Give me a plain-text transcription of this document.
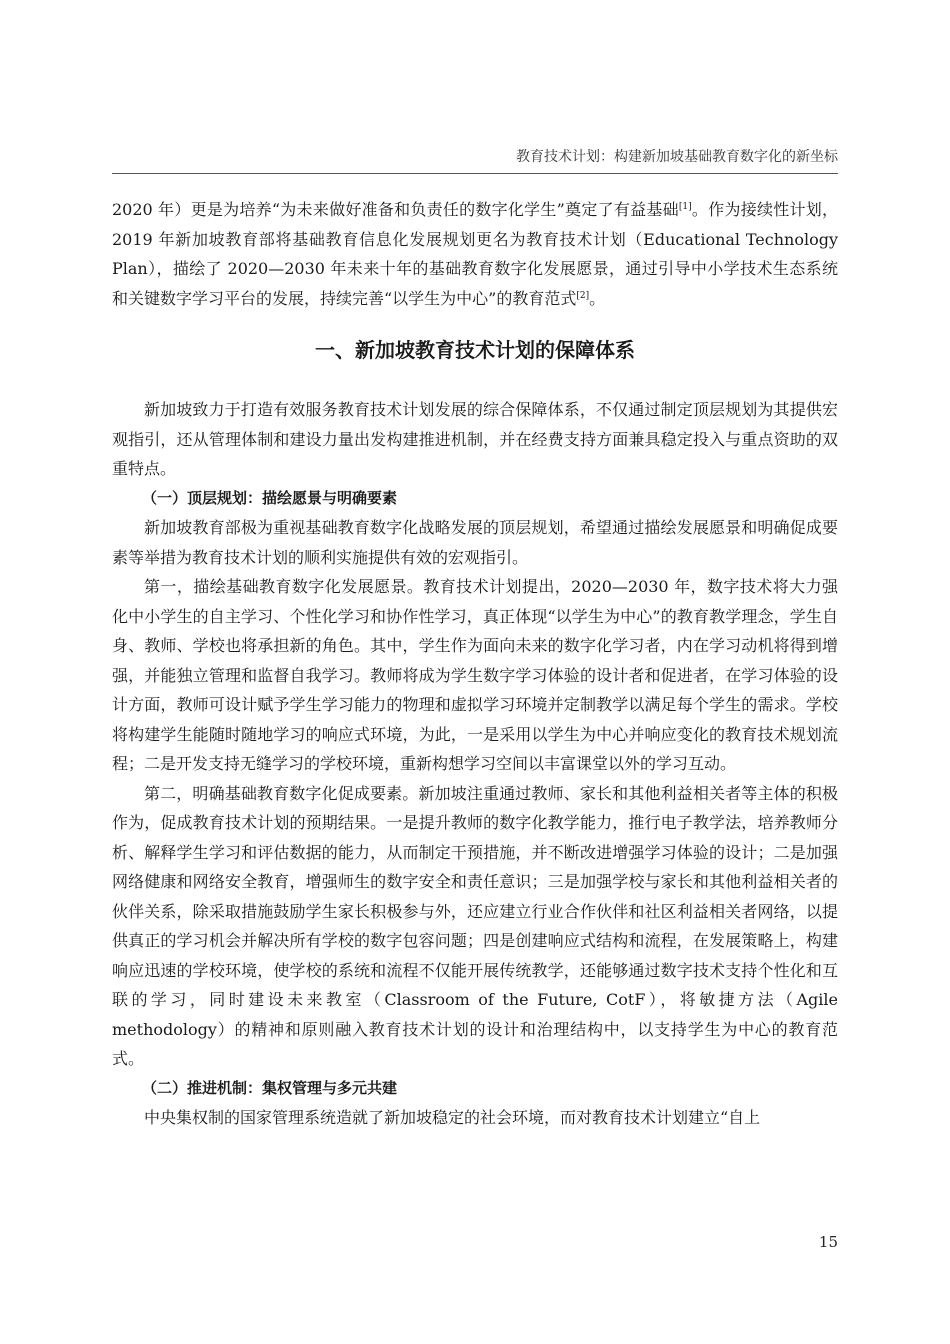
教育技术计划：构建新加坡基础教育数字化的新坐标

2020 年）更是为培养“为未来做好准备和负责任的数字化学生”奠定了有益基础[1]。作为接续性计划，2019 年新加坡教育部将基础教育信息化发展规划更名为教育技术计划（Educational Technology Plan），描绘了 2020—2030 年未来十年的基础教育数字化发展愿景，通过引导中小学技术生态系统和关键数字学习平台的发展，持续完善“以学生为中心”的教育范式[2]。

一、新加坡教育技术计划的保障体系

新加坡致力于打造有效服务教育技术计划发展的综合保障体系，不仅通过制定顶层规划为其提供宏观指引，还从管理体制和建设力量出发构建推进机制，并在经费支持方面兼具稳定投入与重点资助的双重特点。

（一）顶层规划：描绘愿景与明确要素

新加坡教育部极为重视基础教育数字化战略发展的顶层规划，希望通过描绘发展愿景和明确促成要素等举措为教育技术计划的顺利实施提供有效的宏观指引。

第一，描绘基础教育数字化发展愿景。教育技术计划提出，2020—2030 年，数字技术将大力强化中小学生的自主学习、个性化学习和协作性学习，真正体现“以学生为中心”的教育教学理念，学生自身、教师、学校也将承担新的角色。其中，学生作为面向未来的数字化学习者，内在学习动机将得到增强，并能独立管理和监督自我学习。教师将成为学生数字学习体验的设计者和促进者，在学习体验的设计方面，教师可设计赋予学生学习能力的物理和虚拟学习环境并定制教学以满足每个学生的需求。学校将构建学生能随时随地学习的响应式环境，为此，一是采用以学生为中心并响应变化的教育技术规划流程；二是开发支持无缝学习的学校环境，重新构想学习空间以丰富课堂以外的学习互动。

第二，明确基础教育数字化促成要素。新加坡注重通过教师、家长和其他利益相关者等主体的积极作为，促成教育技术计划的预期结果。一是提升教师的数字化教学能力，推行电子教学法，培养教师分析、解释学生学习和评估数据的能力，从而制定干预措施，并不断改进增强学习体验的设计；二是加强网络健康和网络安全教育，增强师生的数字安全和责任意识；三是加强学校与家长和其他利益相关者的伙伴关系，除采取措施鼓励学生家长积极参与外，还应建立行业合作伙伴和社区利益相关者网络，以提供真正的学习机会并解决所有学校的数字包容问题；四是创建响应式结构和流程，在发展策略上，构建响应迅速的学校环境，使学校的系统和流程不仅能开展传统教学，还能够通过数字技术支持个性化和互联的学习，同时建设未来教室（Classroom of the Future, CotF），将敏捷方法（Agile methodology）的精神和原则融入教育技术计划的设计和治理结构中，以支持学生为中心的教育范式。

（二）推进机制：集权管理与多元共建

中央集权制的国家管理系统造就了新加坡稳定的社会环境，而对教育技术计划建立“自上

15
